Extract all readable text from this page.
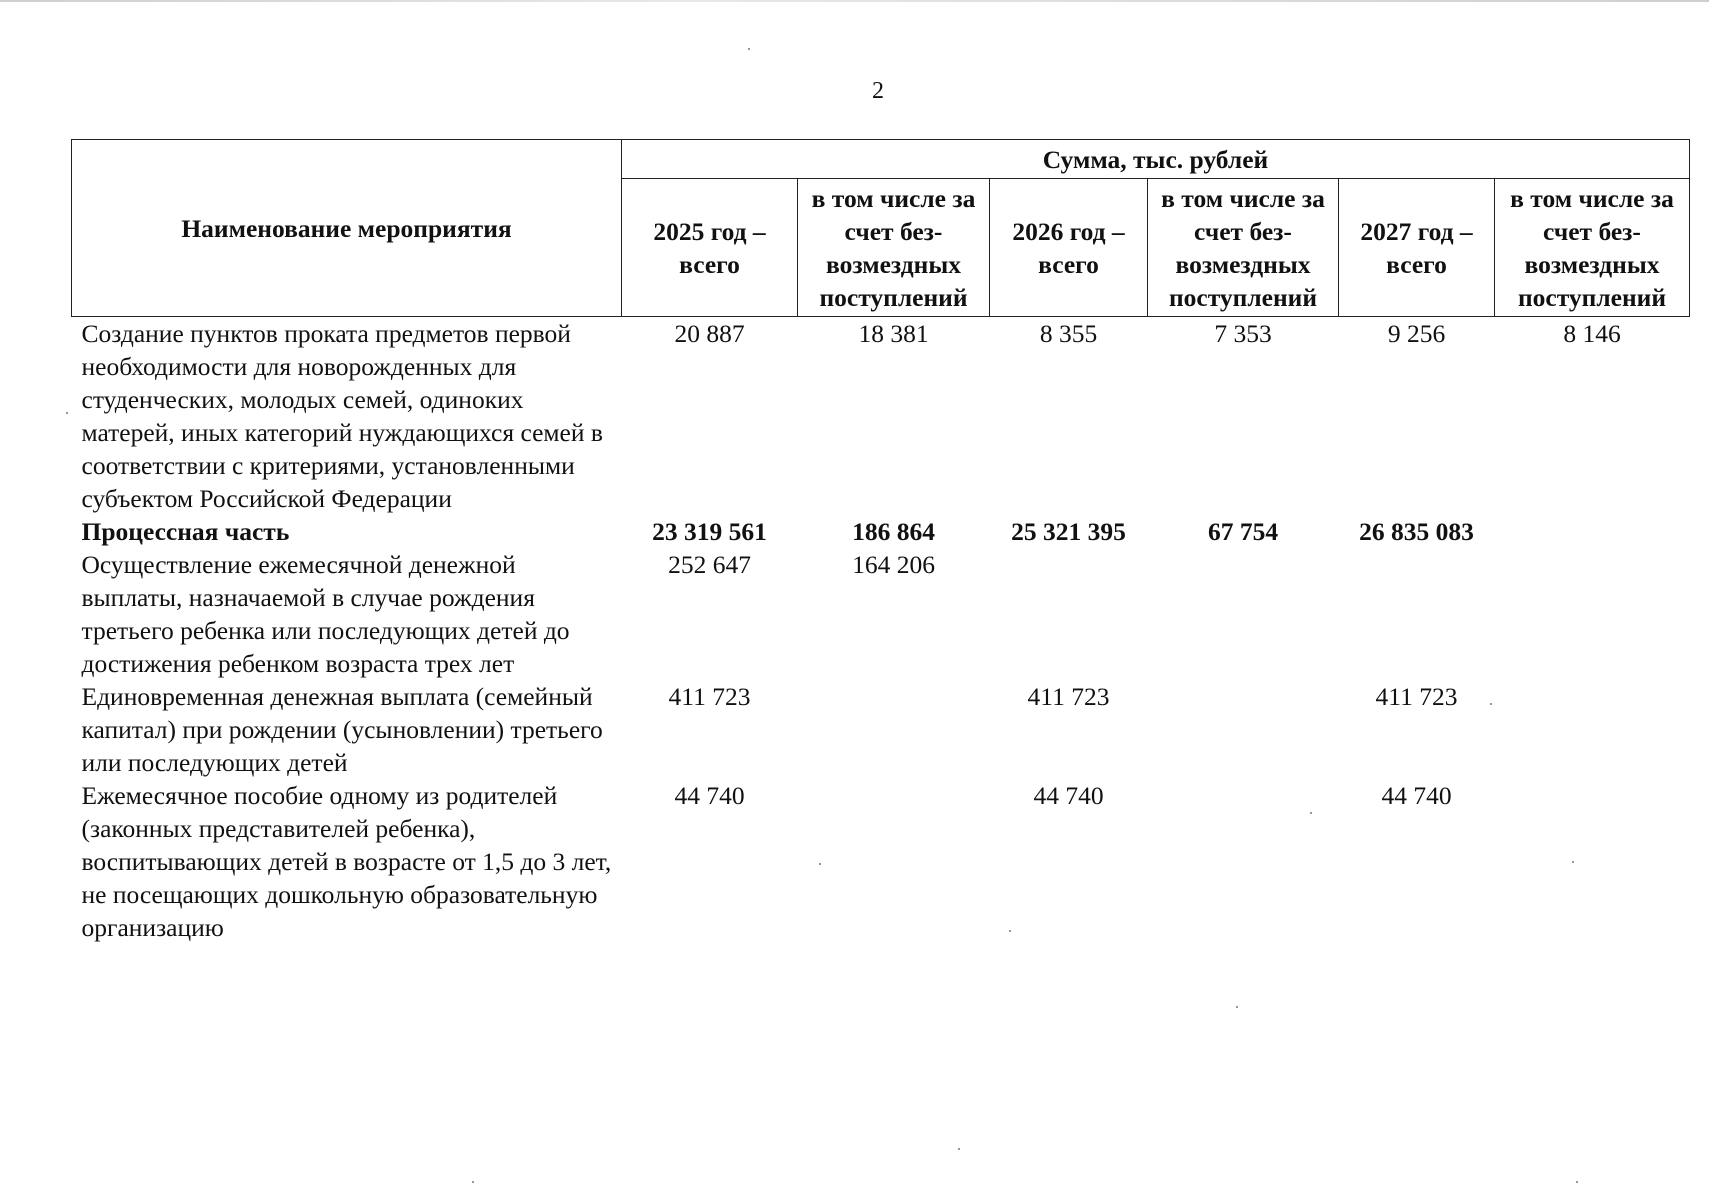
2
Наименование мероприятия	Сумма, тыс. рублей					
	2025 год – всего	в том числе за счет без-возмездных поступлений	2026 год – всего	в том числе за счет без-возмездных поступлений	2027 год – всего	в том числе за счет без-возмездных поступлений
Создание пунктов проката предметов первой необходимости для новорожденных для студенческих, молодых семей, одиноких матерей, иных категорий нуждающихся семей в соответствии с критериями, установленными субъектом Российской Федерации	20 887	18 381	8 355	7 353	9 256	8 146
Процессная часть	23 319 561	186 864	25 321 395	67 754	26 835 083	
Осуществление ежемесячной денежной выплаты, назначаемой в случае рождения третьего ребенка или последующих детей до достижения ребенком возраста трех лет	252 647	164 206				
Единовременная денежная выплата (семейный капитал) при рождении (усыновлении) третьего или последующих детей	411 723		411 723		411 723	
Ежемесячное пособие одному из родителей (законных представителей ребенка), воспитывающих детей в возрасте от 1,5 до 3 лет, не посещающих дошкольную образовательную организацию	44 740		44 740		44 740	
